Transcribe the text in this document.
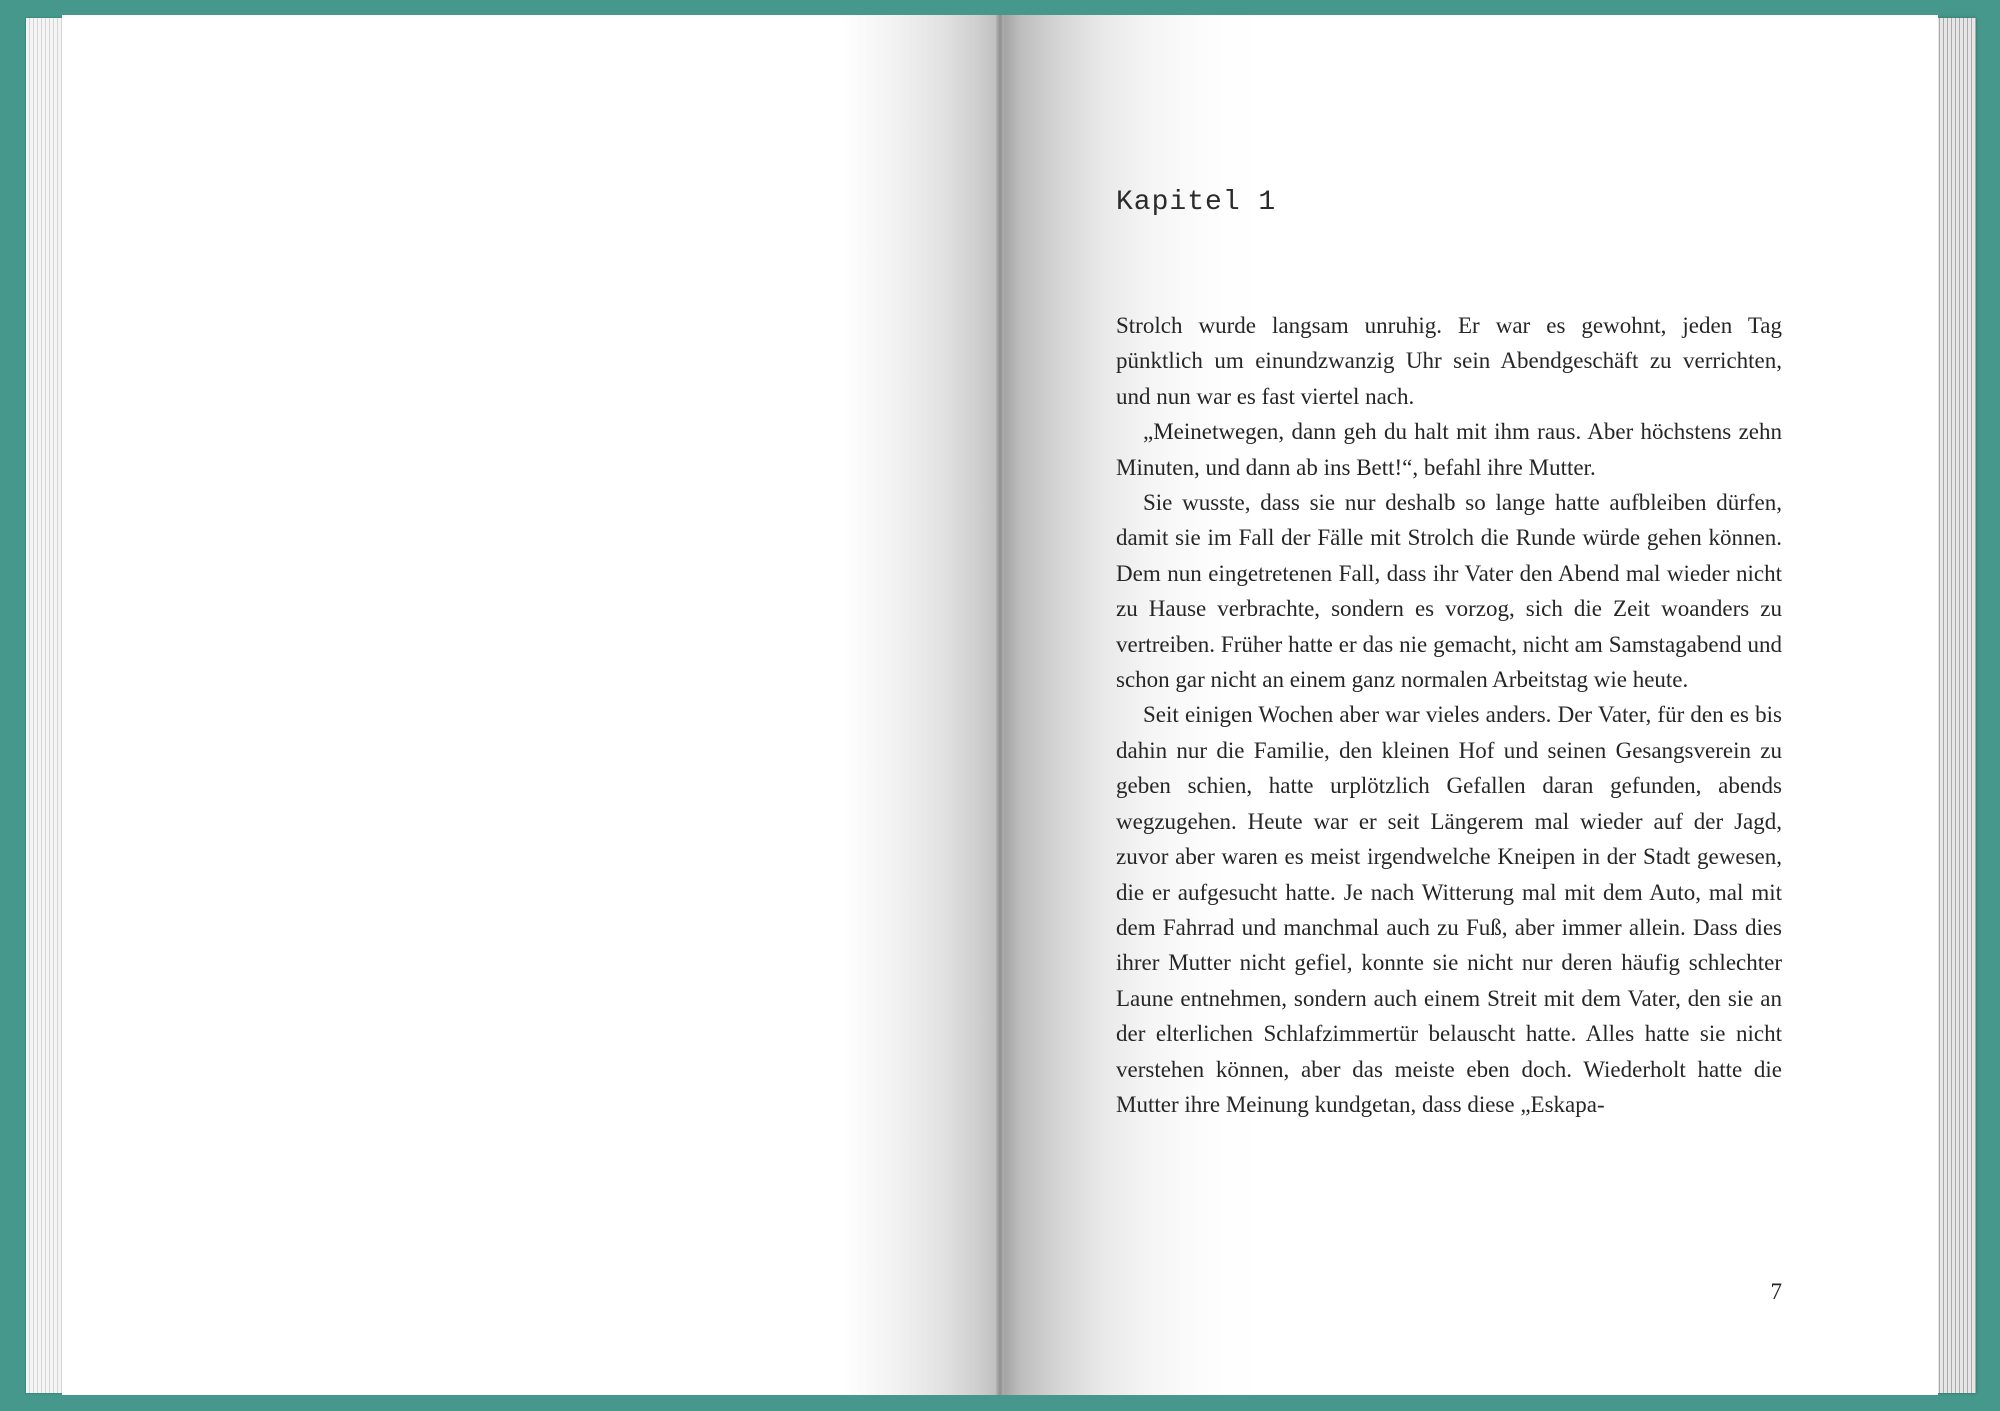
Kapitel 1

Strolch wurde langsam unruhig. Er war es gewohnt, jeden Tag pünktlich um einundzwanzig Uhr sein Abendgeschäft zu verrichten, und nun war es fast viertel nach.

„Meinetwegen, dann geh du halt mit ihm raus. Aber höchstens zehn Minuten, und dann ab ins Bett!“, befahl ihre Mutter.

Sie wusste, dass sie nur deshalb so lange hatte aufbleiben dürfen, damit sie im Fall der Fälle mit Strolch die Runde würde gehen können. Dem nun eingetretenen Fall, dass ihr Vater den Abend mal wieder nicht zu Hause verbrachte, sondern es vorzog, sich die Zeit woanders zu vertreiben. Früher hatte er das nie gemacht, nicht am Samstagabend und schon gar nicht an einem ganz normalen Arbeitstag wie heute.

Seit einigen Wochen aber war vieles anders. Der Vater, für den es bis dahin nur die Familie, den kleinen Hof und seinen Gesangsverein zu geben schien, hatte urplötzlich Gefallen daran gefunden, abends wegzugehen. Heute war er seit Längerem mal wieder auf der Jagd, zuvor aber waren es meist irgendwelche Kneipen in der Stadt gewesen, die er aufgesucht hatte. Je nach Witterung mal mit dem Auto, mal mit dem Fahrrad und manchmal auch zu Fuß, aber immer allein. Dass dies ihrer Mutter nicht gefiel, konnte sie nicht nur deren häufig schlechter Laune entnehmen, sondern auch einem Streit mit dem Vater, den sie an der elterlichen Schlafzimmertür belauscht hatte. Alles hatte sie nicht verstehen können, aber das meiste eben doch. Wiederholt hatte die Mutter ihre Meinung kundgetan, dass diese „Eskapa-

7
